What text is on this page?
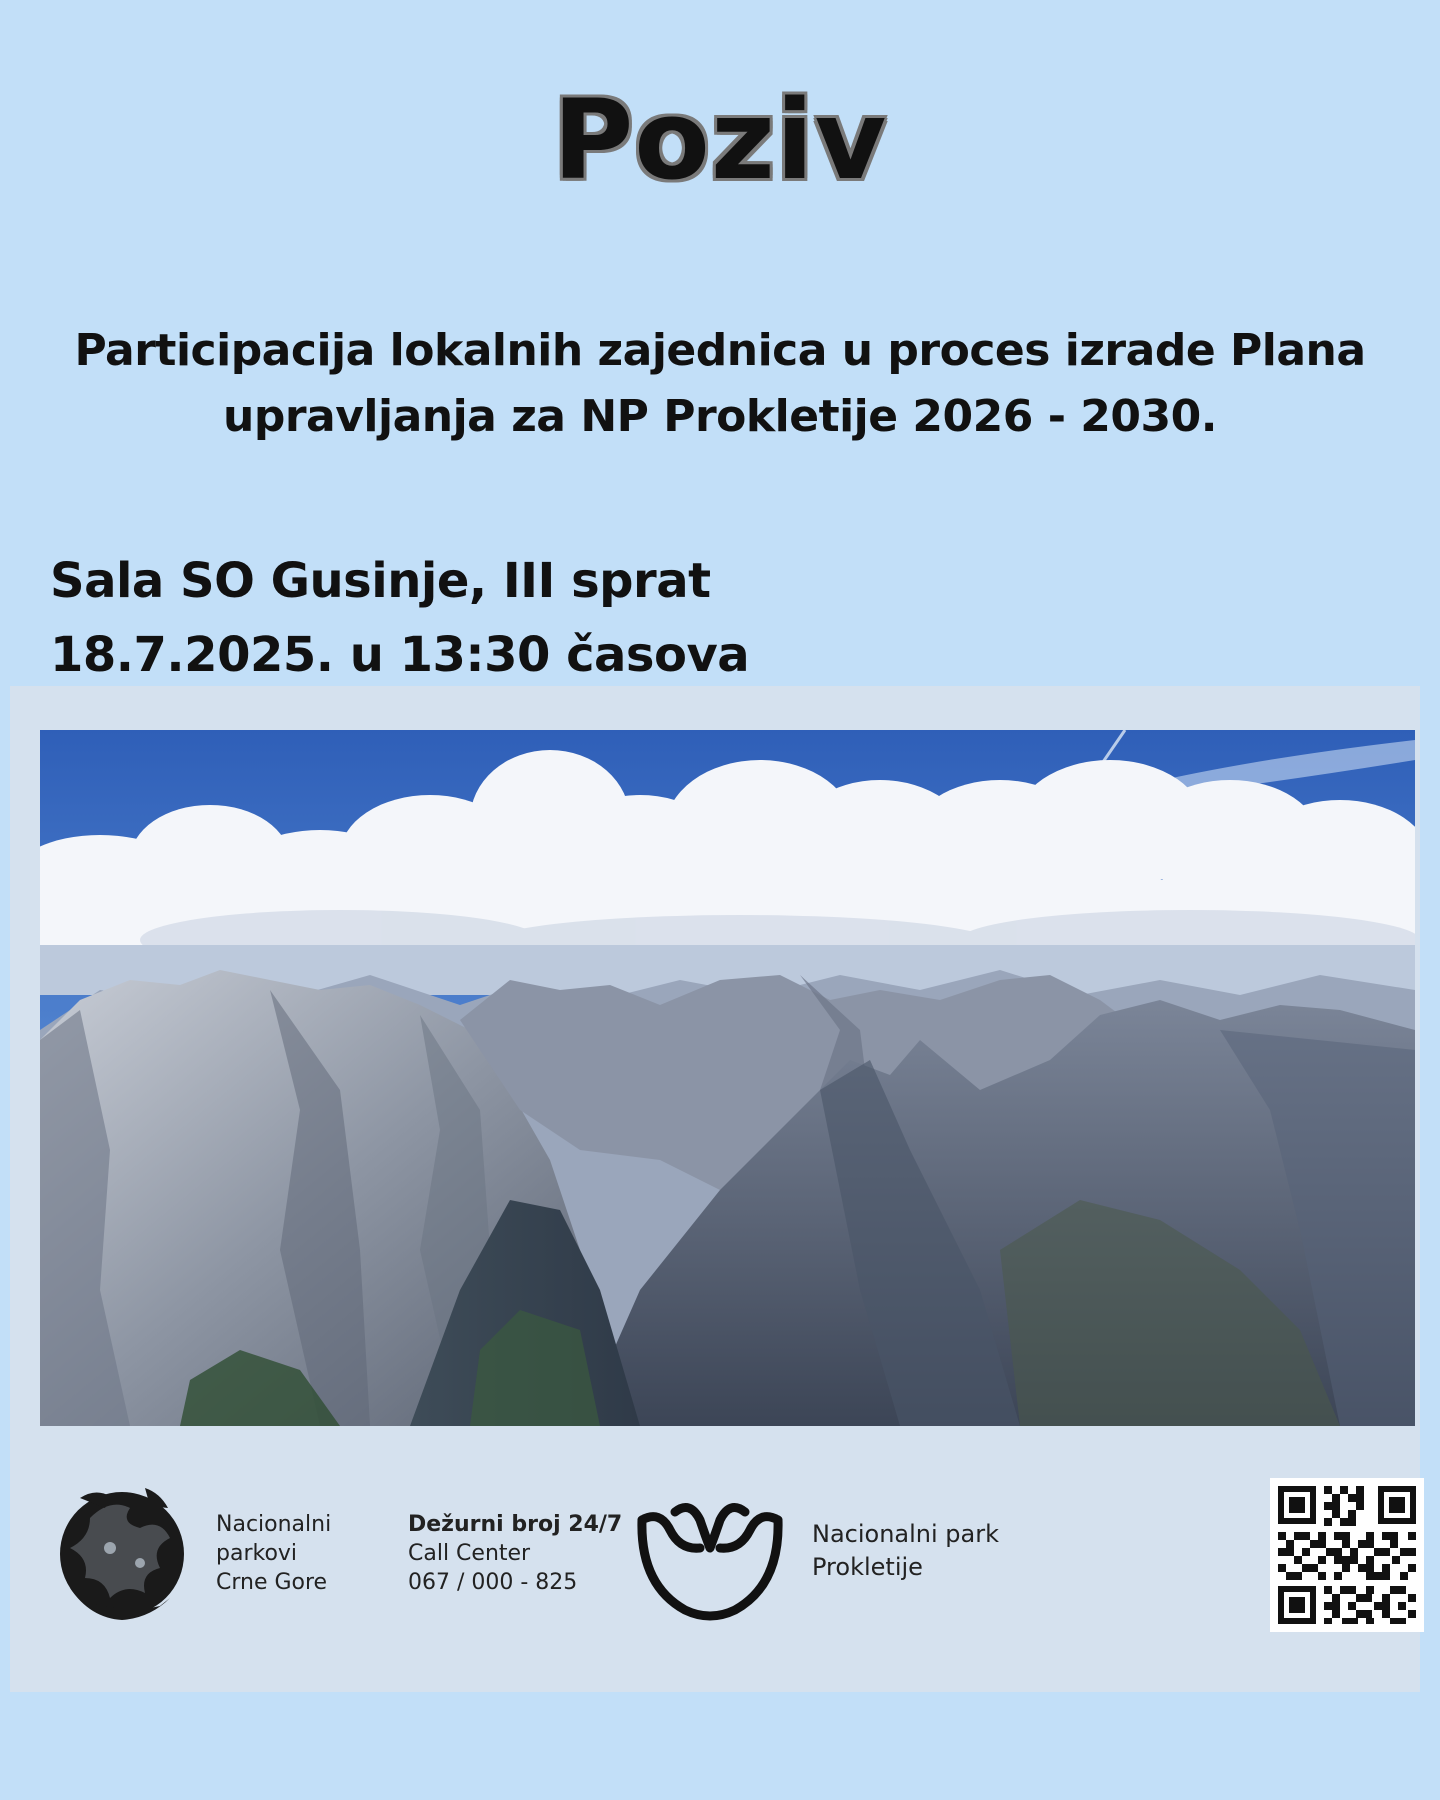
Poziv
Participacija lokalnih zajednica u proces izrade Plana
upravljanja za NP Prokletije 2026 - 2030.
Sala SO Gusinje, III sprat
18.7.2025. u 13:30 časova
Nacionalni
parkovi
Crne Gore
Dežurni broj 24/7
Call Center
067 / 000 - 825
Nacionalni park
Prokletije
